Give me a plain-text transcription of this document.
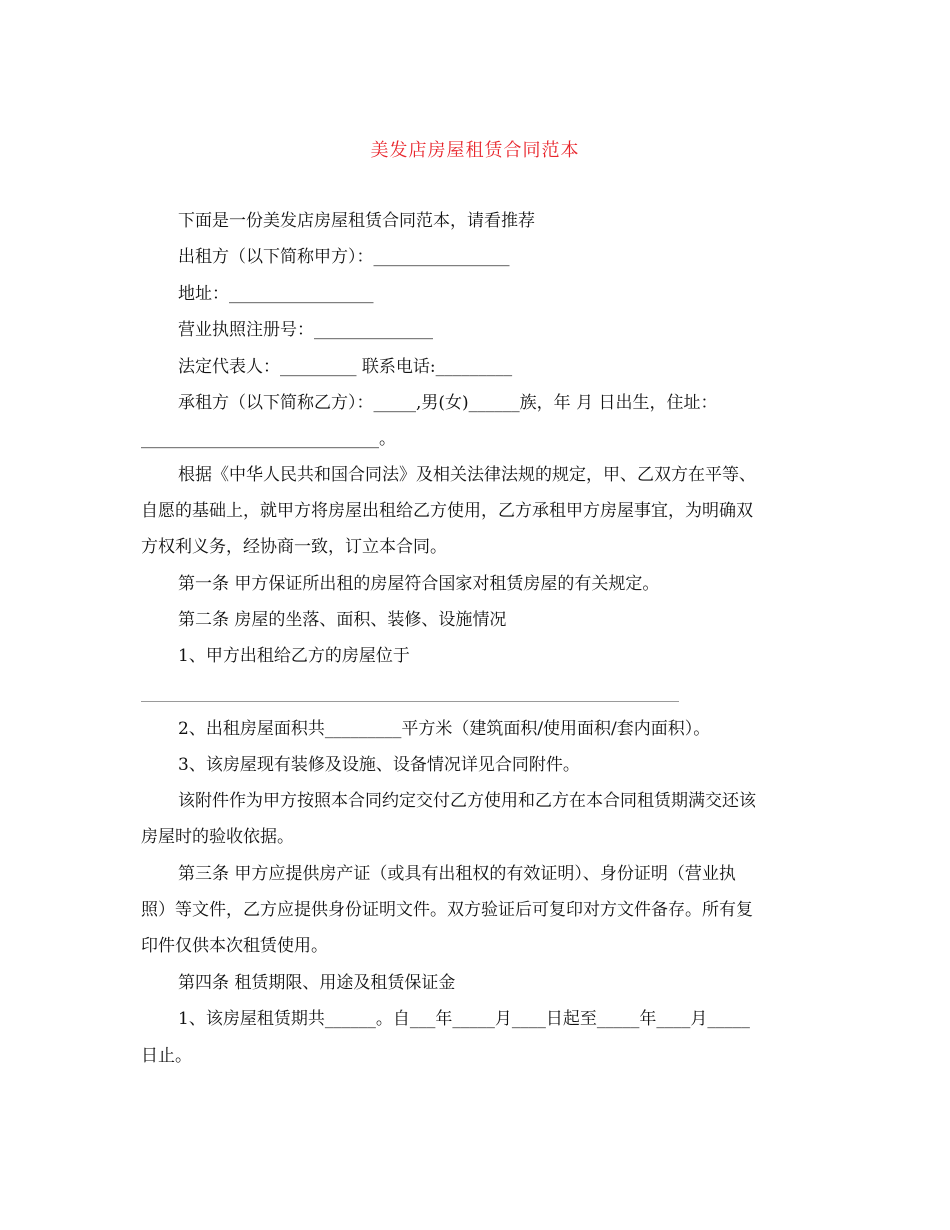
美发店房屋租赁合同范本
下面是一份美发店房屋租赁合同范本，请看推荐
出租方（以下简称甲方）：________________
地址：_________________
营业执照注册号：______________
法定代表人：_________ 联系电话:_________
承租方（以下简称乙方）：_____,男(女)______族，年 月 日出生，住址：
____________________________。
根据《中华人民共和国合同法》及相关法律法规的规定，甲、乙双方在平等、
自愿的基础上，就甲方将房屋出租给乙方使用，乙方承租甲方房屋事宜，为明确双
方权利义务，经协商一致，订立本合同。
第一条 甲方保证所出租的房屋符合国家对租赁房屋的有关规定。
第二条 房屋的坐落、面积、装修、设施情况
1、甲方出租给乙方的房屋位于
2、出租房屋面积共_________平方米（建筑面积/使用面积/套内面积）。
3、该房屋现有装修及设施、设备情况详见合同附件。
该附件作为甲方按照本合同约定交付乙方使用和乙方在本合同租赁期满交还该
房屋时的验收依据。
第三条 甲方应提供房产证（或具有出租权的有效证明）、身份证明（营业执
照）等文件，乙方应提供身份证明文件。双方验证后可复印对方文件备存。所有复
印件仅供本次租赁使用。
第四条 租赁期限、用途及租赁保证金
1、该房屋租赁期共______。自___年_____月____日起至_____年____月_____
日止。
